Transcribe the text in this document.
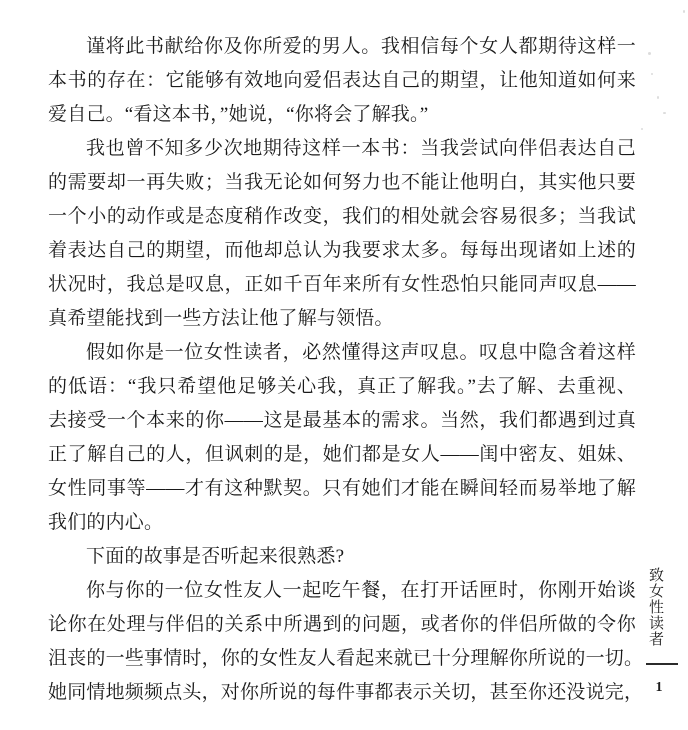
谨将此书献给你及你所爱的男人。我相信每个女人都期待这样一
本书的存在：它能够有效地向爱侣表达自己的期望，让他知道如何来
爱自己。“看这本书，”她说，“你将会了解我。”
我也曾不知多少次地期待这样一本书：当我尝试向伴侣表达自己
的需要却一再失败；当我无论如何努力也不能让他明白，其实他只要
一个小的动作或是态度稍作改变，我们的相处就会容易很多；当我试
着表达自己的期望，而他却总认为我要求太多。每每出现诸如上述的
状况时，我总是叹息，正如千百年来所有女性恐怕只能同声叹息——
真希望能找到一些方法让他了解与领悟。
假如你是一位女性读者，必然懂得这声叹息。叹息中隐含着这样
的低语：“我只希望他足够关心我，真正了解我。”去了解、去重视、
去接受一个本来的你——这是最基本的需求。当然，我们都遇到过真
正了解自己的人，但讽刺的是，她们都是女人——闺中密友、姐妹、
女性同事等——才有这种默契。只有她们才能在瞬间轻而易举地了解
我们的内心。
下面的故事是否听起来很熟悉?
你与你的一位女性友人一起吃午餐，在打开话匣时，你刚开始谈
论你在处理与伴侣的关系中所遇到的问题，或者你的伴侣所做的令你
沮丧的一些事情时，你的女性友人看起来就已十分理解你所说的一切。
她同情地频频点头，对你所说的每件事都表示关切，甚至你还没说完，
致女性读者
1
